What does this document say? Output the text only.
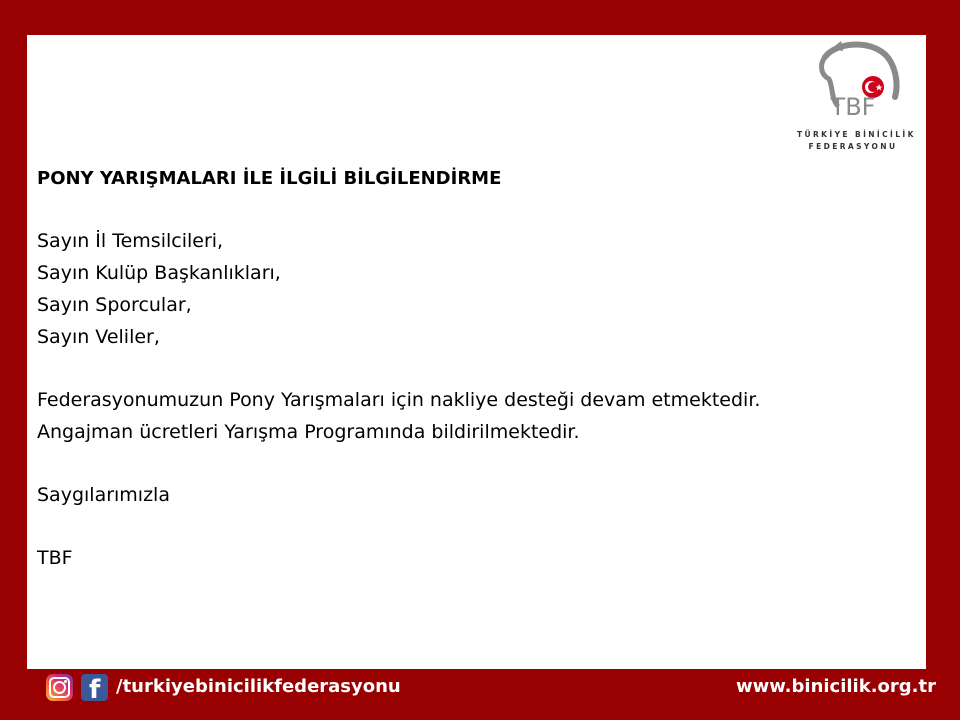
TBF
TÜRKİYE BİNİCİLİK
FEDERASYONU

PONY YARIŞMALARI İLE İLGİLİ BİLGİLENDİRME

Sayın İl Temsilcileri,

Sayın Kulüp Başkanlıkları,

Sayın Sporcular,

Sayın Veliler,

Federasyonumuzun Pony Yarışmaları için nakliye desteği devam etmektedir.

Angajman ücretleri Yarışma Programında bildirilmektedir.

Saygılarımızla

TBF

f /turkiyebinicilikfederasyonu	www.binicilik.org.tr
